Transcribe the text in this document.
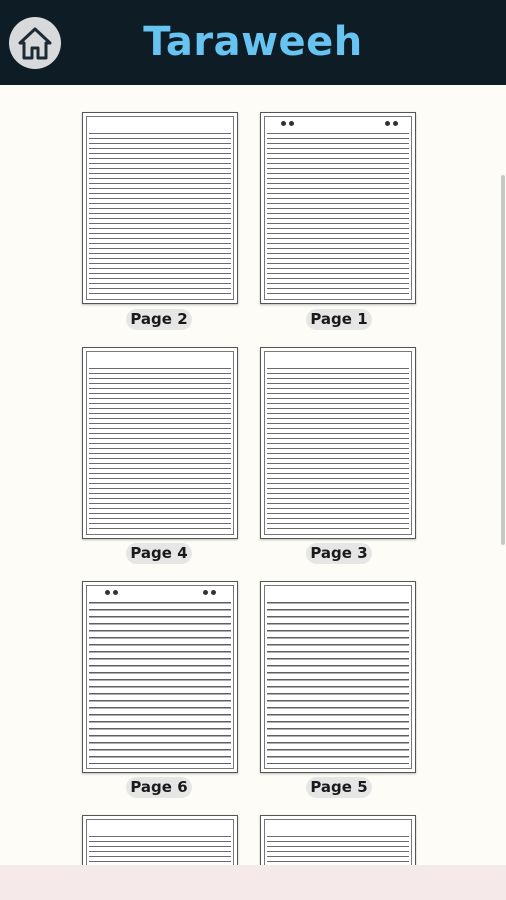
Taraweeh
Page 2	Page 1
Page 4	Page 3
Page 6	Page 5
